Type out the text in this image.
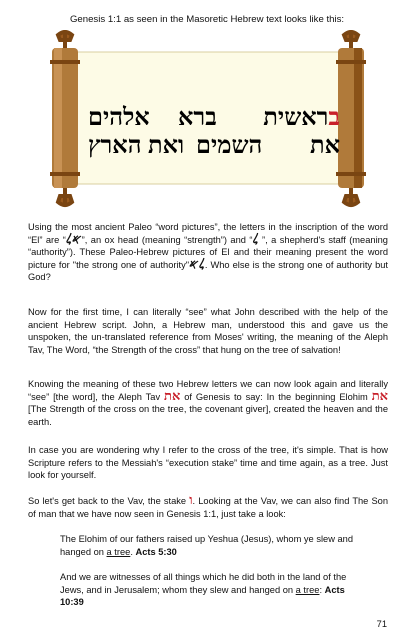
Genesis 1:1 as seen in the Masoretic Hebrew text looks like this:
בראשית
ברא
אלהים
את
השמים
ואת
הארץ
Using the most ancient Paleo “word pictures”, the letters in the inscription of the word “El” are “𐤀𐤋”, an ox head (meaning “strength”) and “𐤋 ”, a shepherd's staff (meaning “authority”). These Paleo-Hebrew pictures of El and their meaning present the word picture for "the strong one of authority"𐤋𐤀. Who else is the strong one of authority but God?
Now for the first time, I can literally “see” what John described with the help of the ancient Hebrew script. John, a Hebrew man, understood this and gave us the unspoken, the un-translated reference from Moses' writing, the meaning of the Aleph Tav, The Word, “the Strength of the cross” that hung on the tree of salvation!
Knowing the meaning of these two Hebrew letters we can now look again and literally “see” [the word], the Aleph Tav את of Genesis to say: In the beginning Elohim את [The Strength of the cross on the tree, the covenant giver], created the heaven and the earth.
In case you are wondering why I refer to the cross of the tree, it's simple. That is how Scripture refers to the Messiah's “execution stake” time and time again, as a tree. Just look for yourself.
So let's get back to the Vav, the stake ו. Looking at the Vav, we can also find The Son of man that we have now seen in Genesis 1:1, just take a look:
The Elohim of our fathers raised up Yeshua (Jesus), whom ye slew and hanged on a tree. Acts 5:30
And we are witnesses of all things which he did both in the land of the Jews, and in Jerusalem; whom they slew and hanged on a tree: Acts 10:39
71
